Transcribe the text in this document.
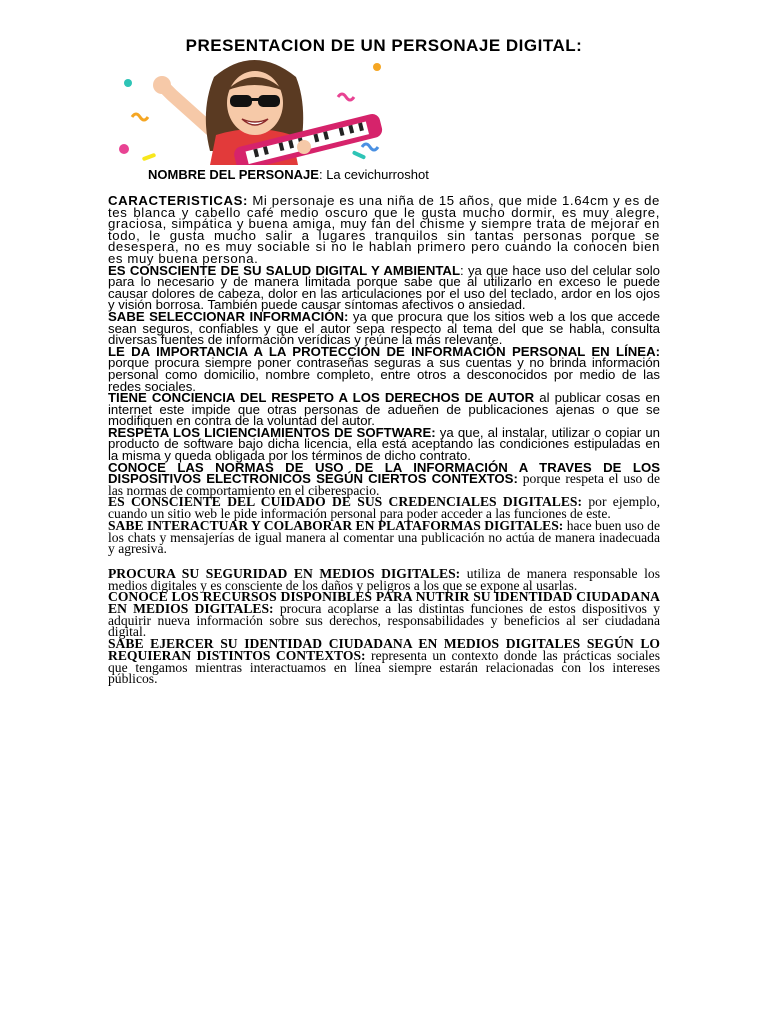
PRESENTACION DE UN PERSONAJE DIGITAL:
NOMBRE DEL PERSONAJE: La cevichurroshot

CARACTERISTICAS: Mi personaje es una niña de 15 años, que mide 1.64cm y es de tes blanca y cabello café medio oscuro que le gusta mucho dormir, es muy alegre, graciosa, simpática y buena amiga, muy fan del chisme y siempre trata de mejorar en todo, le gusta mucho salir a lugares tranquilos sin tantas personas porque se desespera, no es muy sociable si no le hablan primero pero cuando la conocen bien es muy buena persona.

ES CONSCIENTE DE SU SALUD DIGITAL Y AMBIENTAL: ya que hace uso del celular solo para lo necesario y de manera limitada porque sabe que al utilizarlo en exceso le puede causar dolores de cabeza, dolor en las articulaciones por el uso del teclado, ardor en los ojos y visión borrosa. También puede causar síntomas afectivos o ansiedad.

SABE SELECCIONAR INFORMACIÓN: ya que procura que los sitios web a los que accede sean seguros, confiables y que el autor sepa respecto al tema del que se habla, consulta diversas fuentes de información verídicas y reúne la más relevante.

LE DA IMPORTANCIA A LA PROTECCIÓN DE INFORMACIÓN PERSONAL EN LÍNEA: porque procura siempre poner contraseñas seguras a sus cuentas y no brinda información personal como domicilio, nombre completo, entre otros a desconocidos por medio de las redes sociales.

TIENE CONCIENCIA DEL RESPETO A LOS DERECHOS DE AUTOR al publicar cosas en internet este impide que otras personas de adueñen de publicaciones ajenas o que se modifiquen en contra de la voluntad del autor.

RESPETA LOS LICIENCIAMIENTOS DE SOFTWARE: ya que, al instalar, utilizar o copiar un producto de software bajo dicha licencia, ella está aceptando las condiciones estipuladas en la misma y queda obligada por los términos de dicho contrato.

CONOCE LAS NORMAS DE USO DE LA INFORMACIÓN A TRAVES DE LOS DISPOSITIVOS ELECTRONICOS SEGÚN CIERTOS CONTEXTOS: porque respeta el uso de las normas de comportamiento en el ciberespacio.

ES CONSCIENTE DEL CUIDADO DE SUS CREDENCIALES DIGITALES: por ejemplo, cuando un sitio web le pide información personal para poder acceder a las funciones de este.

SABE INTERACTUAR Y COLABORAR EN PLATAFORMAS DIGITALES: hace buen uso de los chats y mensajerías de igual manera al comentar una publicación no actúa de manera inadecuada y agresiva.

PROCURA SU SEGURIDAD EN MEDIOS DIGITALES: utiliza de manera responsable los medios digitales y es consciente de los daños y peligros a los que se expone al usarlas.

CONOCE LOS RECURSOS DISPONIBLES PARA NUTRIR SU IDENTIDAD CIUDADANA EN MEDIOS DIGITALES: procura acoplarse a las distintas funciones de estos dispositivos y adquirir nueva información sobre sus derechos, responsabilidades y beneficios al ser ciudadana digital.

SABE EJERCER SU IDENTIDAD CIUDADANA EN MEDIOS DIGITALES SEGÚN LO REQUIERAN DISTINTOS CONTEXTOS: representa un contexto donde las prácticas sociales que tengamos mientras interactuamos en línea siempre estarán relacionadas con los intereses públicos.
